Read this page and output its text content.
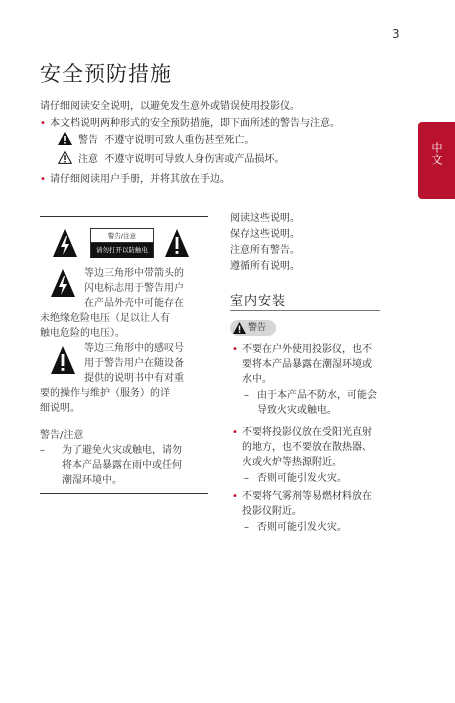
3
中文
安全预防措施
请仔细阅读安全说明，以避免发生意外或错误使用投影仪。
• 本文档说明两种形式的安全预防措施，即下面所述的警告与注意。
警告 不遵守说明可致人重伤甚至死亡。
注意 不遵守说明可导致人身伤害或产品损坏。
• 请仔细阅读用户手册，并将其放在手边。
警告/注意
请勿打开以防触电
等边三角形中带箭头的
闪电标志用于警告用户
在产品外壳中可能存在
未绝缘危险电压（足以让人有
触电危险的电压）。
等边三角形中的感叹号
用于警告用户在随设备
提供的说明书中有对重
要的操作与维护（服务）的详
细说明。
警告/注意
– 为了避免火灾或触电，请勿
将本产品暴露在雨中或任何
潮湿环境中。
阅读这些说明。
保存这些说明。
注意所有警告。
遵循所有说明。
室内安装
警告
• 不要在户外使用投影仪，也不
要将本产品暴露在潮湿环境或
水中。
– 由于本产品不防水，可能会
导致火灾或触电。
• 不要将投影仪放在受阳光直射
的地方，也不要放在散热器、
火或火炉等热源附近。
– 否则可能引发火灾。
• 不要将气雾剂等易燃材料放在
投影仪附近。
– 否则可能引发火灾。
